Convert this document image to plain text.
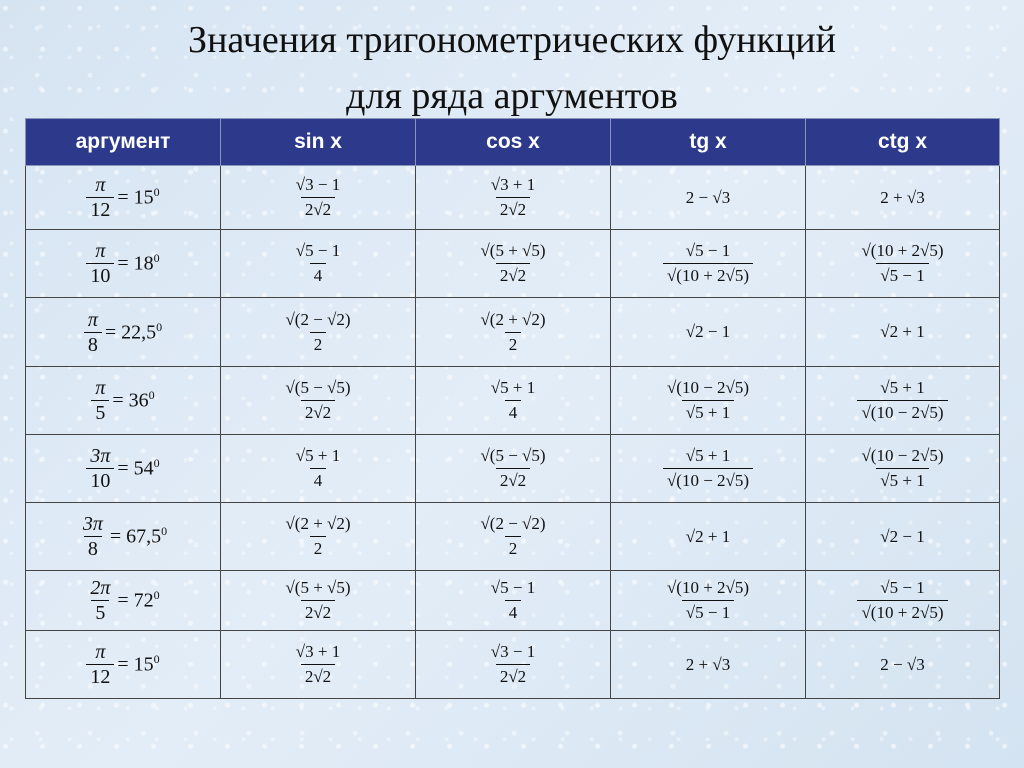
Значения тригонометрических функций
для ряда аргументов
аргумент	sin x	cos x	tg x	ctg x

$\frac{\pi}{12} = 15^0$	$\frac{√3 - 1}{2√2}$	$\frac{√3 + 1}{2√2}$	2 − √3	2 + √3

$\frac{\pi}{10} = 18^0$	$\frac{√5 - 1}{4}$	$\frac{√(5 + √5)}{2√2}$	$\frac{√5 - 1}{√(10 + 2√5)}$	$\frac{√(10 + 2√5)}{√5 - 1}$

$\frac{\pi}{8} = 22,5^0$	$\frac{√(2 - √2)}{2}$	$\frac{√(2 + √2)}{2}$	√2 − 1	√2 + 1

$\frac{\pi}{5} = 36^0$	$\frac{√(5 - √5)}{2√2}$	$\frac{√5 + 1}{4}$	$\frac{√(10 - 2√5)}{√5 + 1}$	$\frac{√5 + 1}{√(10 - 2√5)}$

$\frac{3\pi}{10} = 54^0$	$\frac{√5 + 1}{4}$	$\frac{√(5 - √5)}{2√2}$	$\frac{√5 + 1}{√(10 - 2√5)}$	$\frac{√(10 - 2√5)}{√5 + 1}$

$\frac{3\pi}{8} = 67,5^0$	$\frac{√(2 + √2)}{2}$	$\frac{√(2 - √2)}{2}$	√2 + 1	√2 − 1

$\frac{2\pi}{5} = 72^0$	$\frac{√(5 + √5)}{2√2}$	$\frac{√5 - 1}{4}$	$\frac{√(10 + 2√5)}{√5 - 1}$	$\frac{√5 - 1}{√(10 + 2√5)}$

$\frac{\pi}{12} = 15^0$	$\frac{√3 + 1}{2√2}$	$\frac{√3 - 1}{2√2}$	2 + √3	2 − √3
